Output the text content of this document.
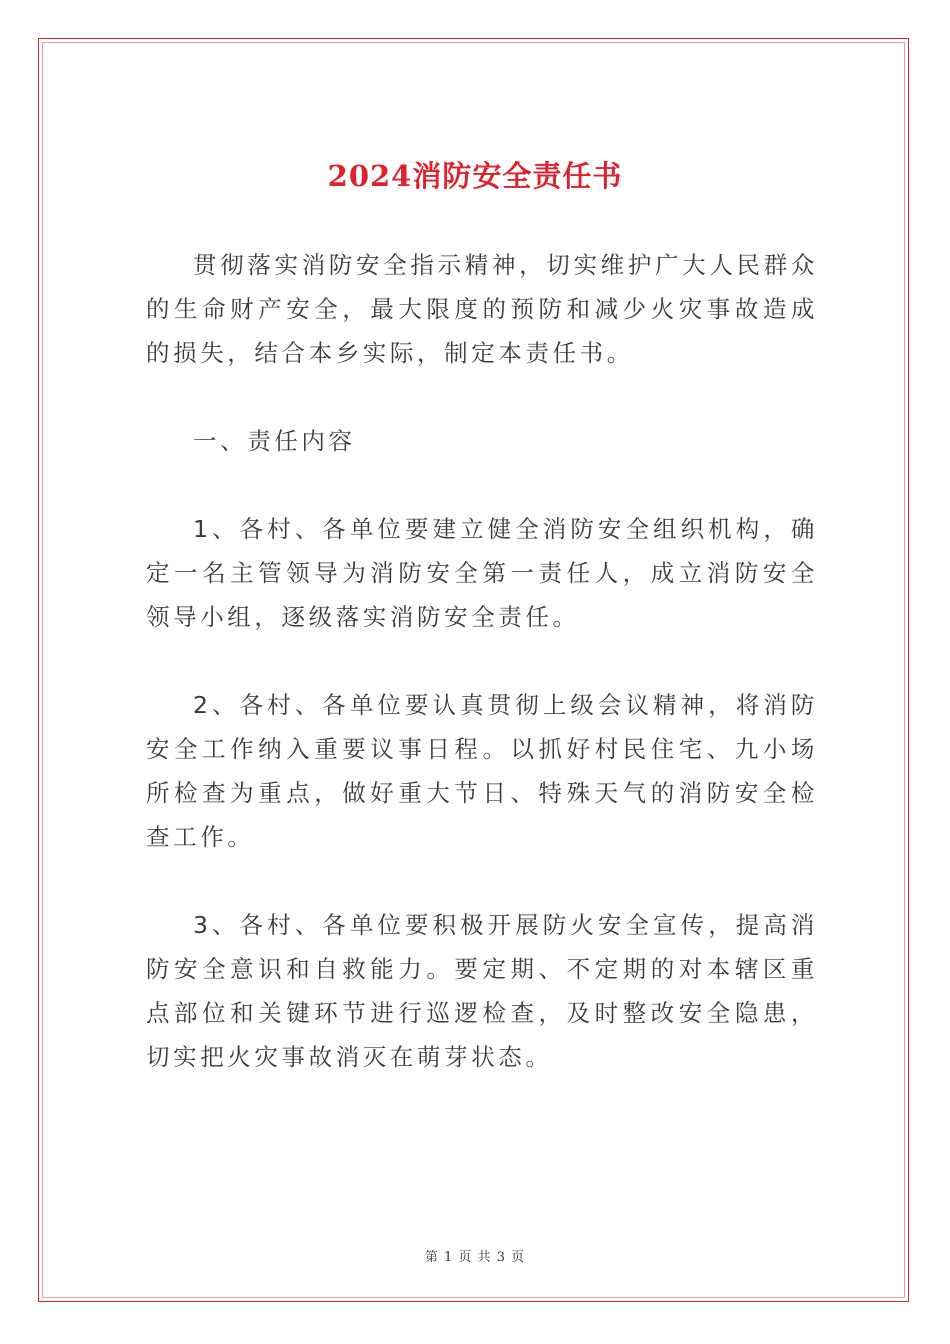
2024消防安全责任书

贯彻落实消防安全指示精神，切实维护广大人民群众的生命财产安全，最大限度的预防和减少火灾事故造成的损失，结合本乡实际，制定本责任书。

一、责任内容

1、各村、各单位要建立健全消防安全组织机构，确定一名主管领导为消防安全第一责任人，成立消防安全领导小组，逐级落实消防安全责任。

2、各村、各单位要认真贯彻上级会议精神，将消防安全工作纳入重要议事日程。以抓好村民住宅、九小场所检查为重点，做好重大节日、特殊天气的消防安全检查工作。

3、各村、各单位要积极开展防火安全宣传，提高消防安全意识和自救能力。要定期、不定期的对本辖区重点部位和关键环节进行巡逻检查，及时整改安全隐患，切实把火灾事故消灭在萌芽状态。

第 1 页 共 3 页
